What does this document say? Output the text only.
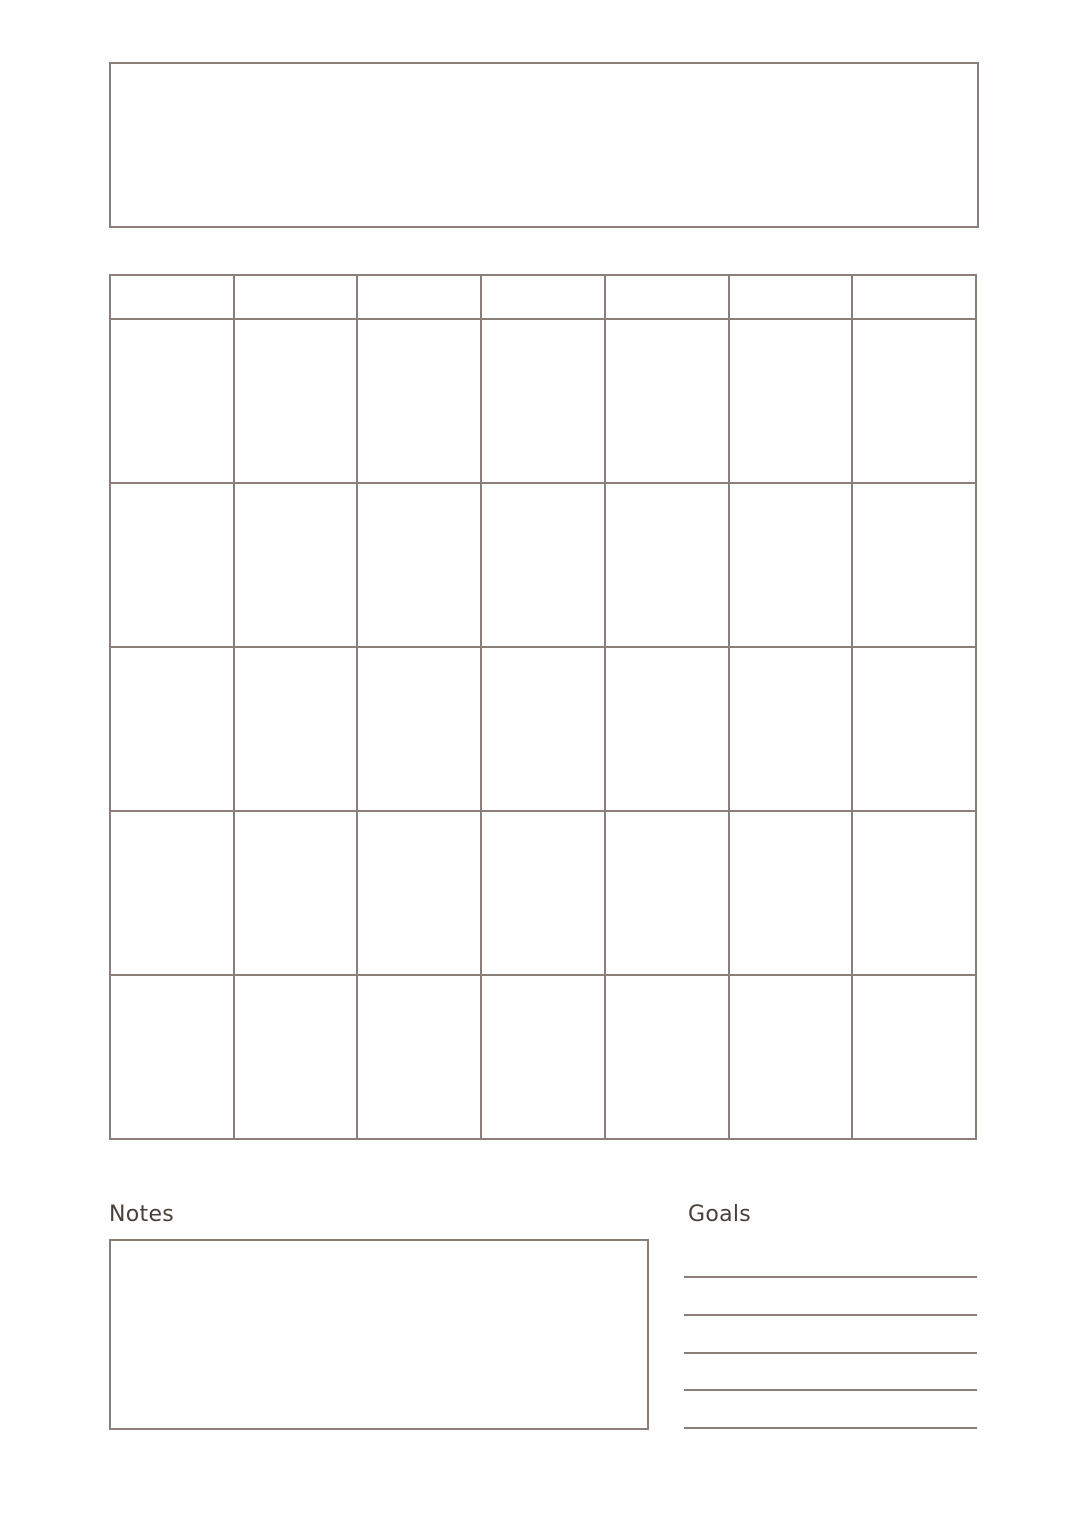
Notes	Goals
